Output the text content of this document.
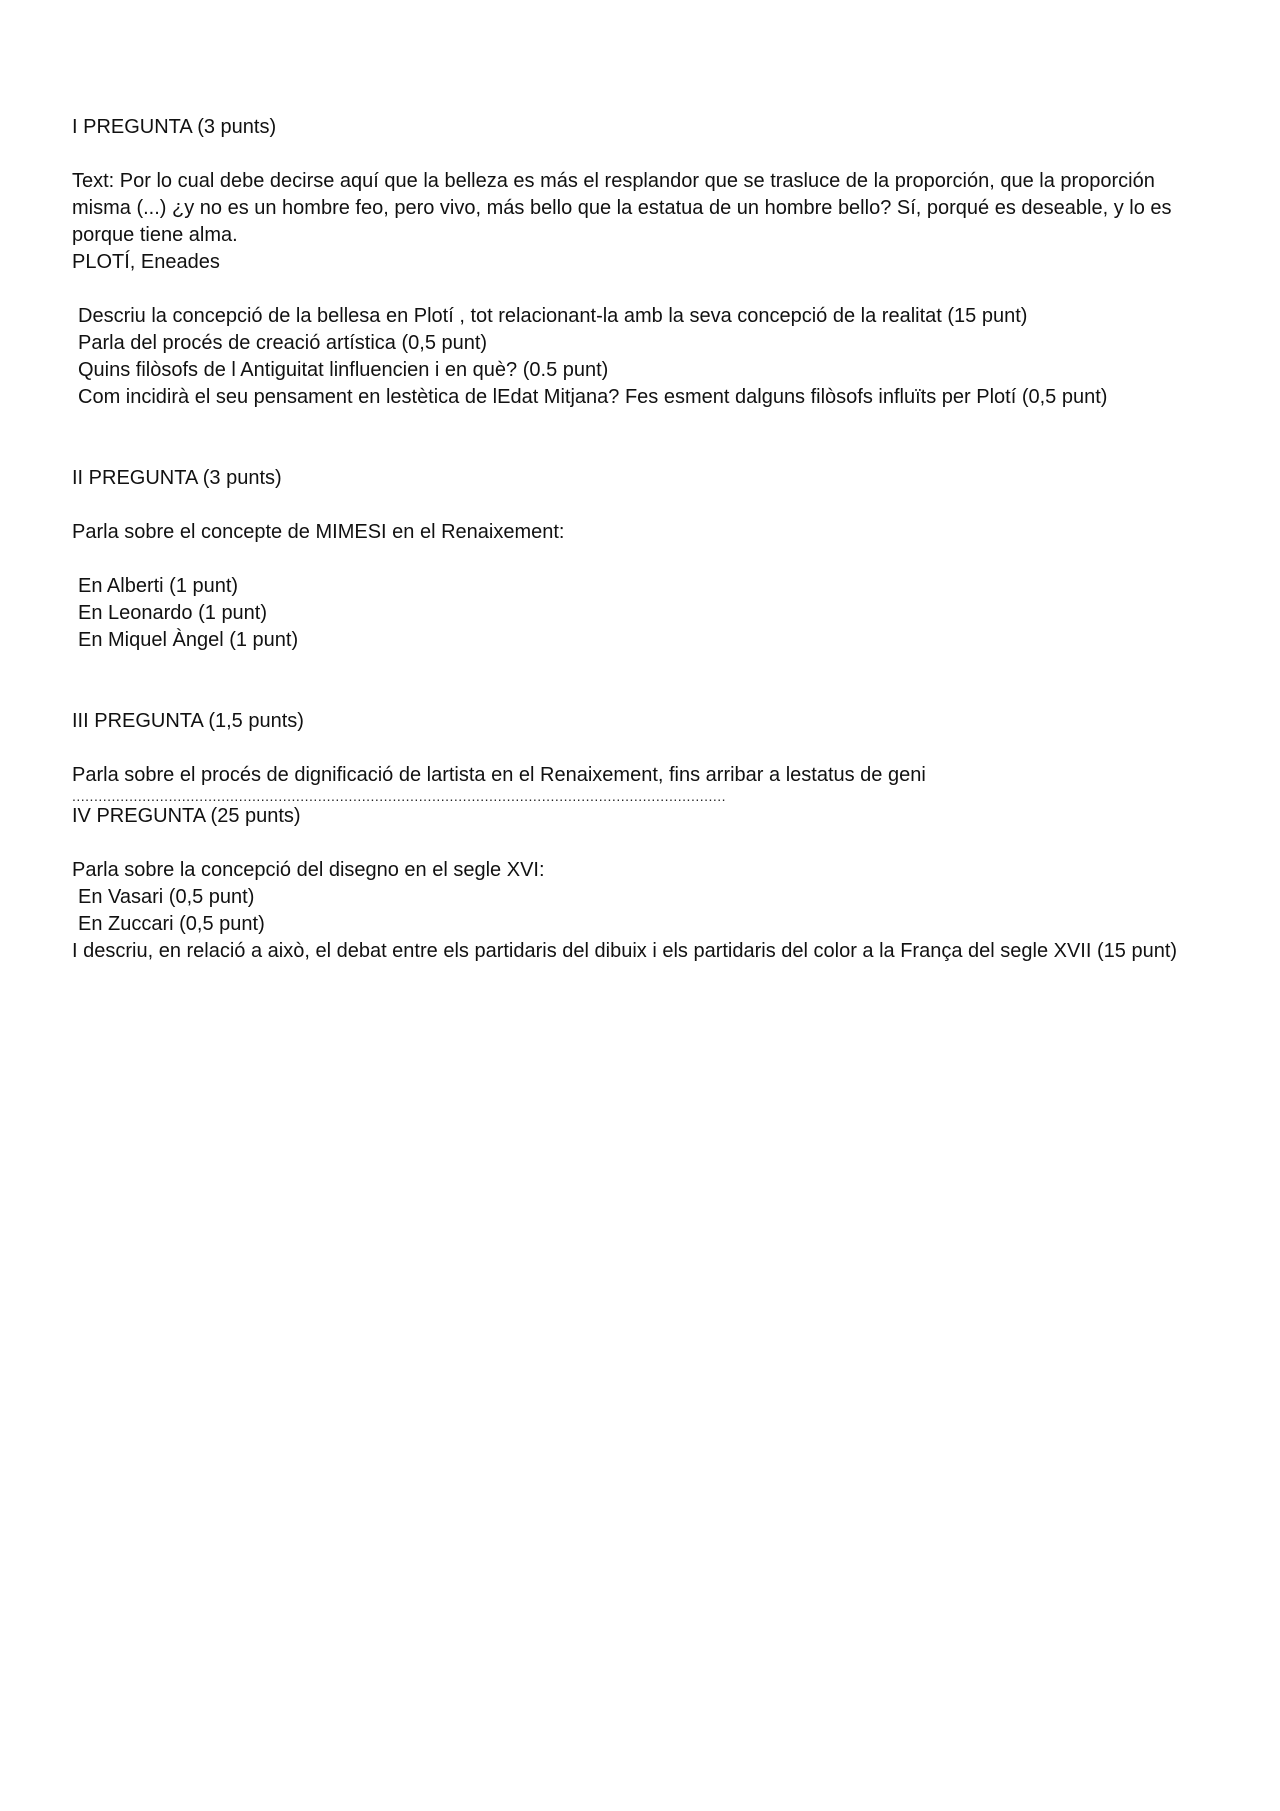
I PREGUNTA (3 punts)
Text: Por lo cual debe decirse aquí que la belleza es más el resplandor que se trasluce de la proporción, que la proporción misma (...) ¿y no es un hombre feo, pero vivo, más bello que la estatua de un hombre bello? Sí, porqué es deseable, y lo es porque tiene alma.
PLOTÍ, Eneades
Descriu la concepció de la bellesa en Plotí , tot relacionant-la amb la seva concepció de la realitat (15 punt)
Parla del procés de creació artística (0,5 punt)
Quins filòsofs de l Antiguitat linfluencien i en què? (0.5 punt)
Com incidirà el seu pensament en lestètica de lEdat Mitjana? Fes esment dalguns filòsofs influïts per Plotí (0,5 punt)
II PREGUNTA (3 punts)
Parla sobre el concepte de MIMESI en el Renaixement:
En Alberti (1 punt)
En Leonardo (1 punt)
En Miquel Àngel (1 punt)
III PREGUNTA (1,5 punts)
Parla sobre el procés de dignificació de lartista en el Renaixement, fins arribar a lestatus de geni
.....................................................................................................................................................
IV PREGUNTA (25 punts)
Parla sobre la concepció del disegno en el segle XVI:
En Vasari (0,5 punt)
En Zuccari (0,5 punt)
I descriu, en relació a això, el debat entre els partidaris del dibuix i els partidaris del color a la França del segle XVII (15 punt)
